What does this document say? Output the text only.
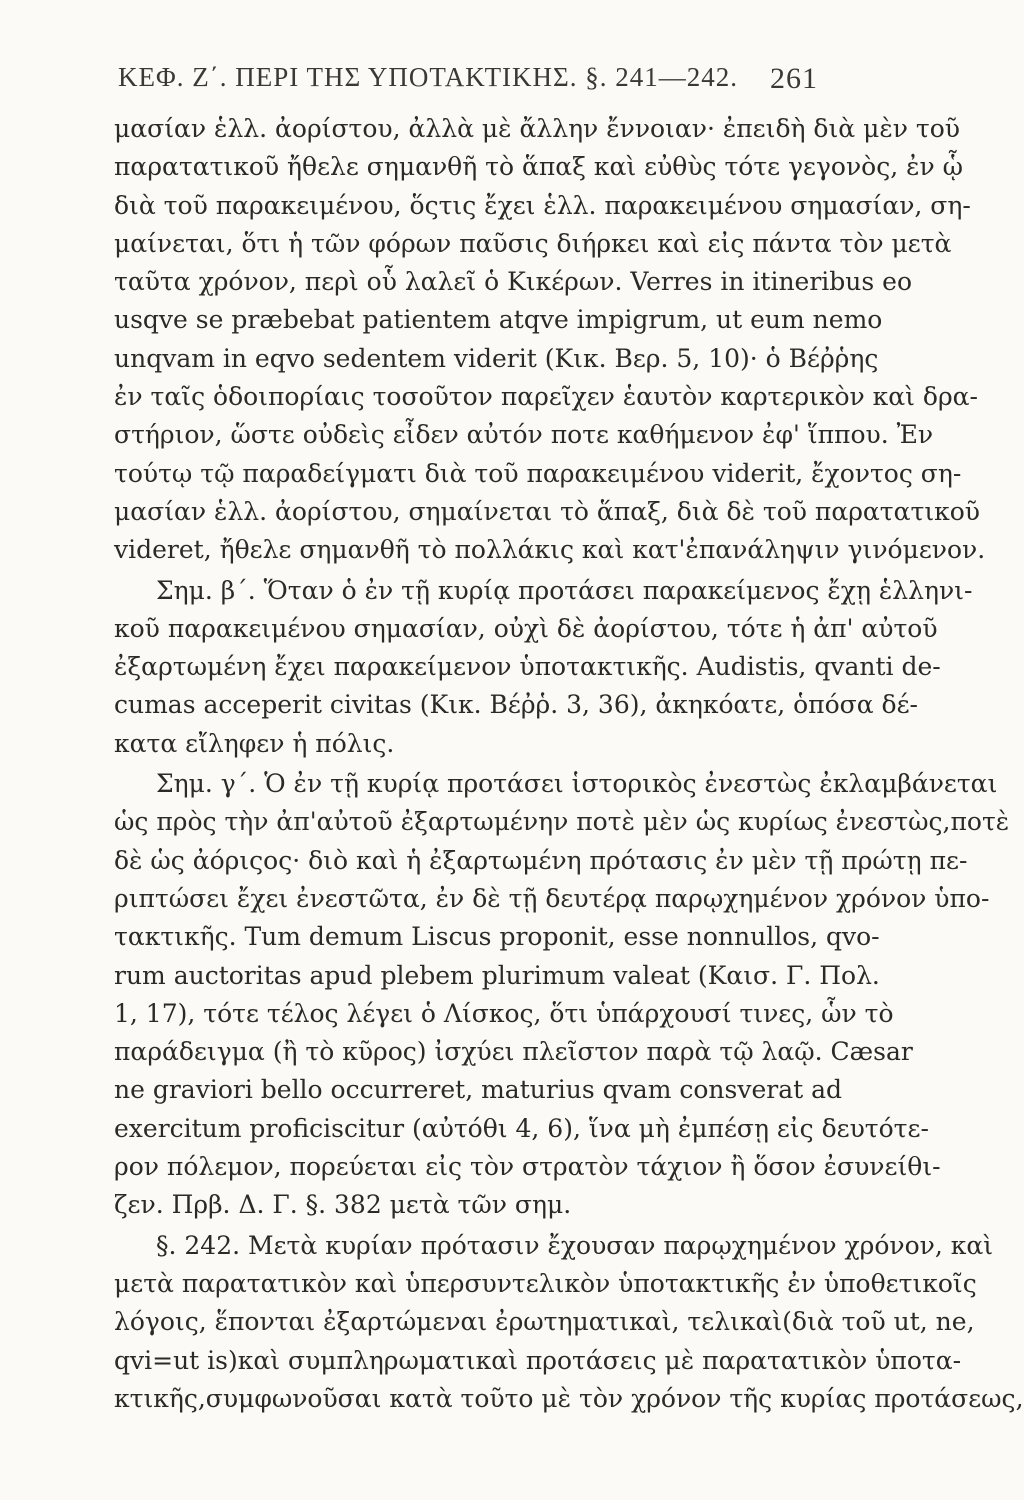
ΚΕΦ. Ζ΄. ΠΕΡΙ ΤΗΣ ΥΠΟΤΑΚΤΙΚΗΣ. §. 241—242. 261
μασίαν ἑλλ. ἀορίστου, ἀλλὰ μὲ ἄλλην ἔννοιαν· ἐπειδὴ διὰ μὲν τοῦ
παρατατικοῦ ἤθελε σημανθῆ τὸ ἅπαξ καὶ εὐθὺς τότε γεγονὸς, ἐν ᾧ
διὰ τοῦ παρακειμένου, ὅςτις ἔχει ἑλλ. παρακειμένου σημασίαν, ση-
μαίνεται, ὅτι ἡ τῶν φόρων παῦσις διήρκει καὶ εἰς πάντα τὸν μετὰ
ταῦτα χρόνον, περὶ οὗ λαλεῖ ὁ Κικέρων. Verres in itineribus eo
usqve se præbebat patientem atqve impigrum, ut eum nemo
unqvam in eqvo sedentem viderit (Κικ. Βερ. 5, 10)· ὁ Βέῤῥης
ἐν ταῖς ὁδοιπορίαις τοσοῦτον παρεῖχεν ἑαυτὸν καρτερικὸν καὶ δρα-
στήριον, ὥστε οὐδεὶς εἶδεν αὐτόν ποτε καθήμενον ἐφ' ἵππου. Ἐν
τούτῳ τῷ παραδείγματι διὰ τοῦ παρακειμένου viderit, ἔχοντος ση-
μασίαν ἑλλ. ἀορίστου, σημαίνεται τὸ ἅπαξ, διὰ δὲ τοῦ παρατατικοῦ
videret, ἤθελε σημανθῆ τὸ πολλάκις καὶ κατ'ἐπανάληψιν γινόμενον.
Σημ. β΄. Ὅταν ὁ ἐν τῇ κυρίᾳ προτάσει παρακείμενος ἔχῃ ἑλληνι-
κοῦ παρακειμένου σημασίαν, οὐχὶ δὲ ἀορίστου, τότε ἡ ἀπ' αὐτοῦ
ἐξαρτωμένη ἔχει παρακείμενον ὑποτακτικῆς. Audistis, qvanti de-
cumas acceperit civitas (Κικ. Βέῤῥ. 3, 36), ἀκηκόατε, ὁπόσα δέ-
κατα εἴληφεν ἡ πόλις.
Σημ. γ΄. Ὁ ἐν τῇ κυρίᾳ προτάσει ἱστορικὸς ἐνεστὼς ἐκλαμβάνεται
ὡς πρὸς τὴν ἀπ'αὐτοῦ ἐξαρτωμένην ποτὲ μὲν ὡς κυρίως ἐνεστὼς,ποτὲ
δὲ ὡς ἀόριςος· διὸ καὶ ἡ ἐξαρτωμένη πρότασις ἐν μὲν τῇ πρώτῃ πε-
ριπτώσει ἔχει ἐνεστῶτα, ἐν δὲ τῇ δευτέρᾳ παρῳχημένον χρόνον ὑπο-
τακτικῆς. Tum demum Liscus proponit, esse nonnullos, qvo-
rum auctoritas apud plebem plurimum valeat (Καισ. Γ. Πολ.
1, 17), τότε τέλος λέγει ὁ Λίσκος, ὅτι ὑπάρχουσί τινες, ὧν τὸ
παράδειγμα (ἢ τὸ κῦρος) ἰσχύει πλεῖστον παρὰ τῷ λαῷ. Cæsar
ne graviori bello occurreret, maturius qvam consverat ad
exercitum proficiscitur (αὐτόθι 4, 6), ἵνα μὴ ἐμπέσῃ εἰς δευτότε-
ρον πόλεμον, πορεύεται εἰς τὸν στρατὸν τάχιον ἢ ὅσον ἐσυνείθι-
ζεν. Πρβ. Δ. Γ. §. 382 μετὰ τῶν σημ.
§. 242. Μετὰ κυρίαν πρότασιν ἔχουσαν παρῳχημένον χρόνον, καὶ
μετὰ παρατατικὸν καὶ ὑπερσυντελικὸν ὑποτακτικῆς ἐν ὑποθετικοῖς
λόγοις, ἕπονται ἐξαρτώμεναι ἐρωτηματικαὶ, τελικαὶ(διὰ τοῦ ut, ne,
qvi=ut is)καὶ συμπληρωματικαὶ προτάσεις μὲ παρατατικὸν ὑποτα-
κτικῆς,συμφωνοῦσαι κατὰ τοῦτο μὲ τὸν χρόνον τῆς κυρίας προτάσεως,
